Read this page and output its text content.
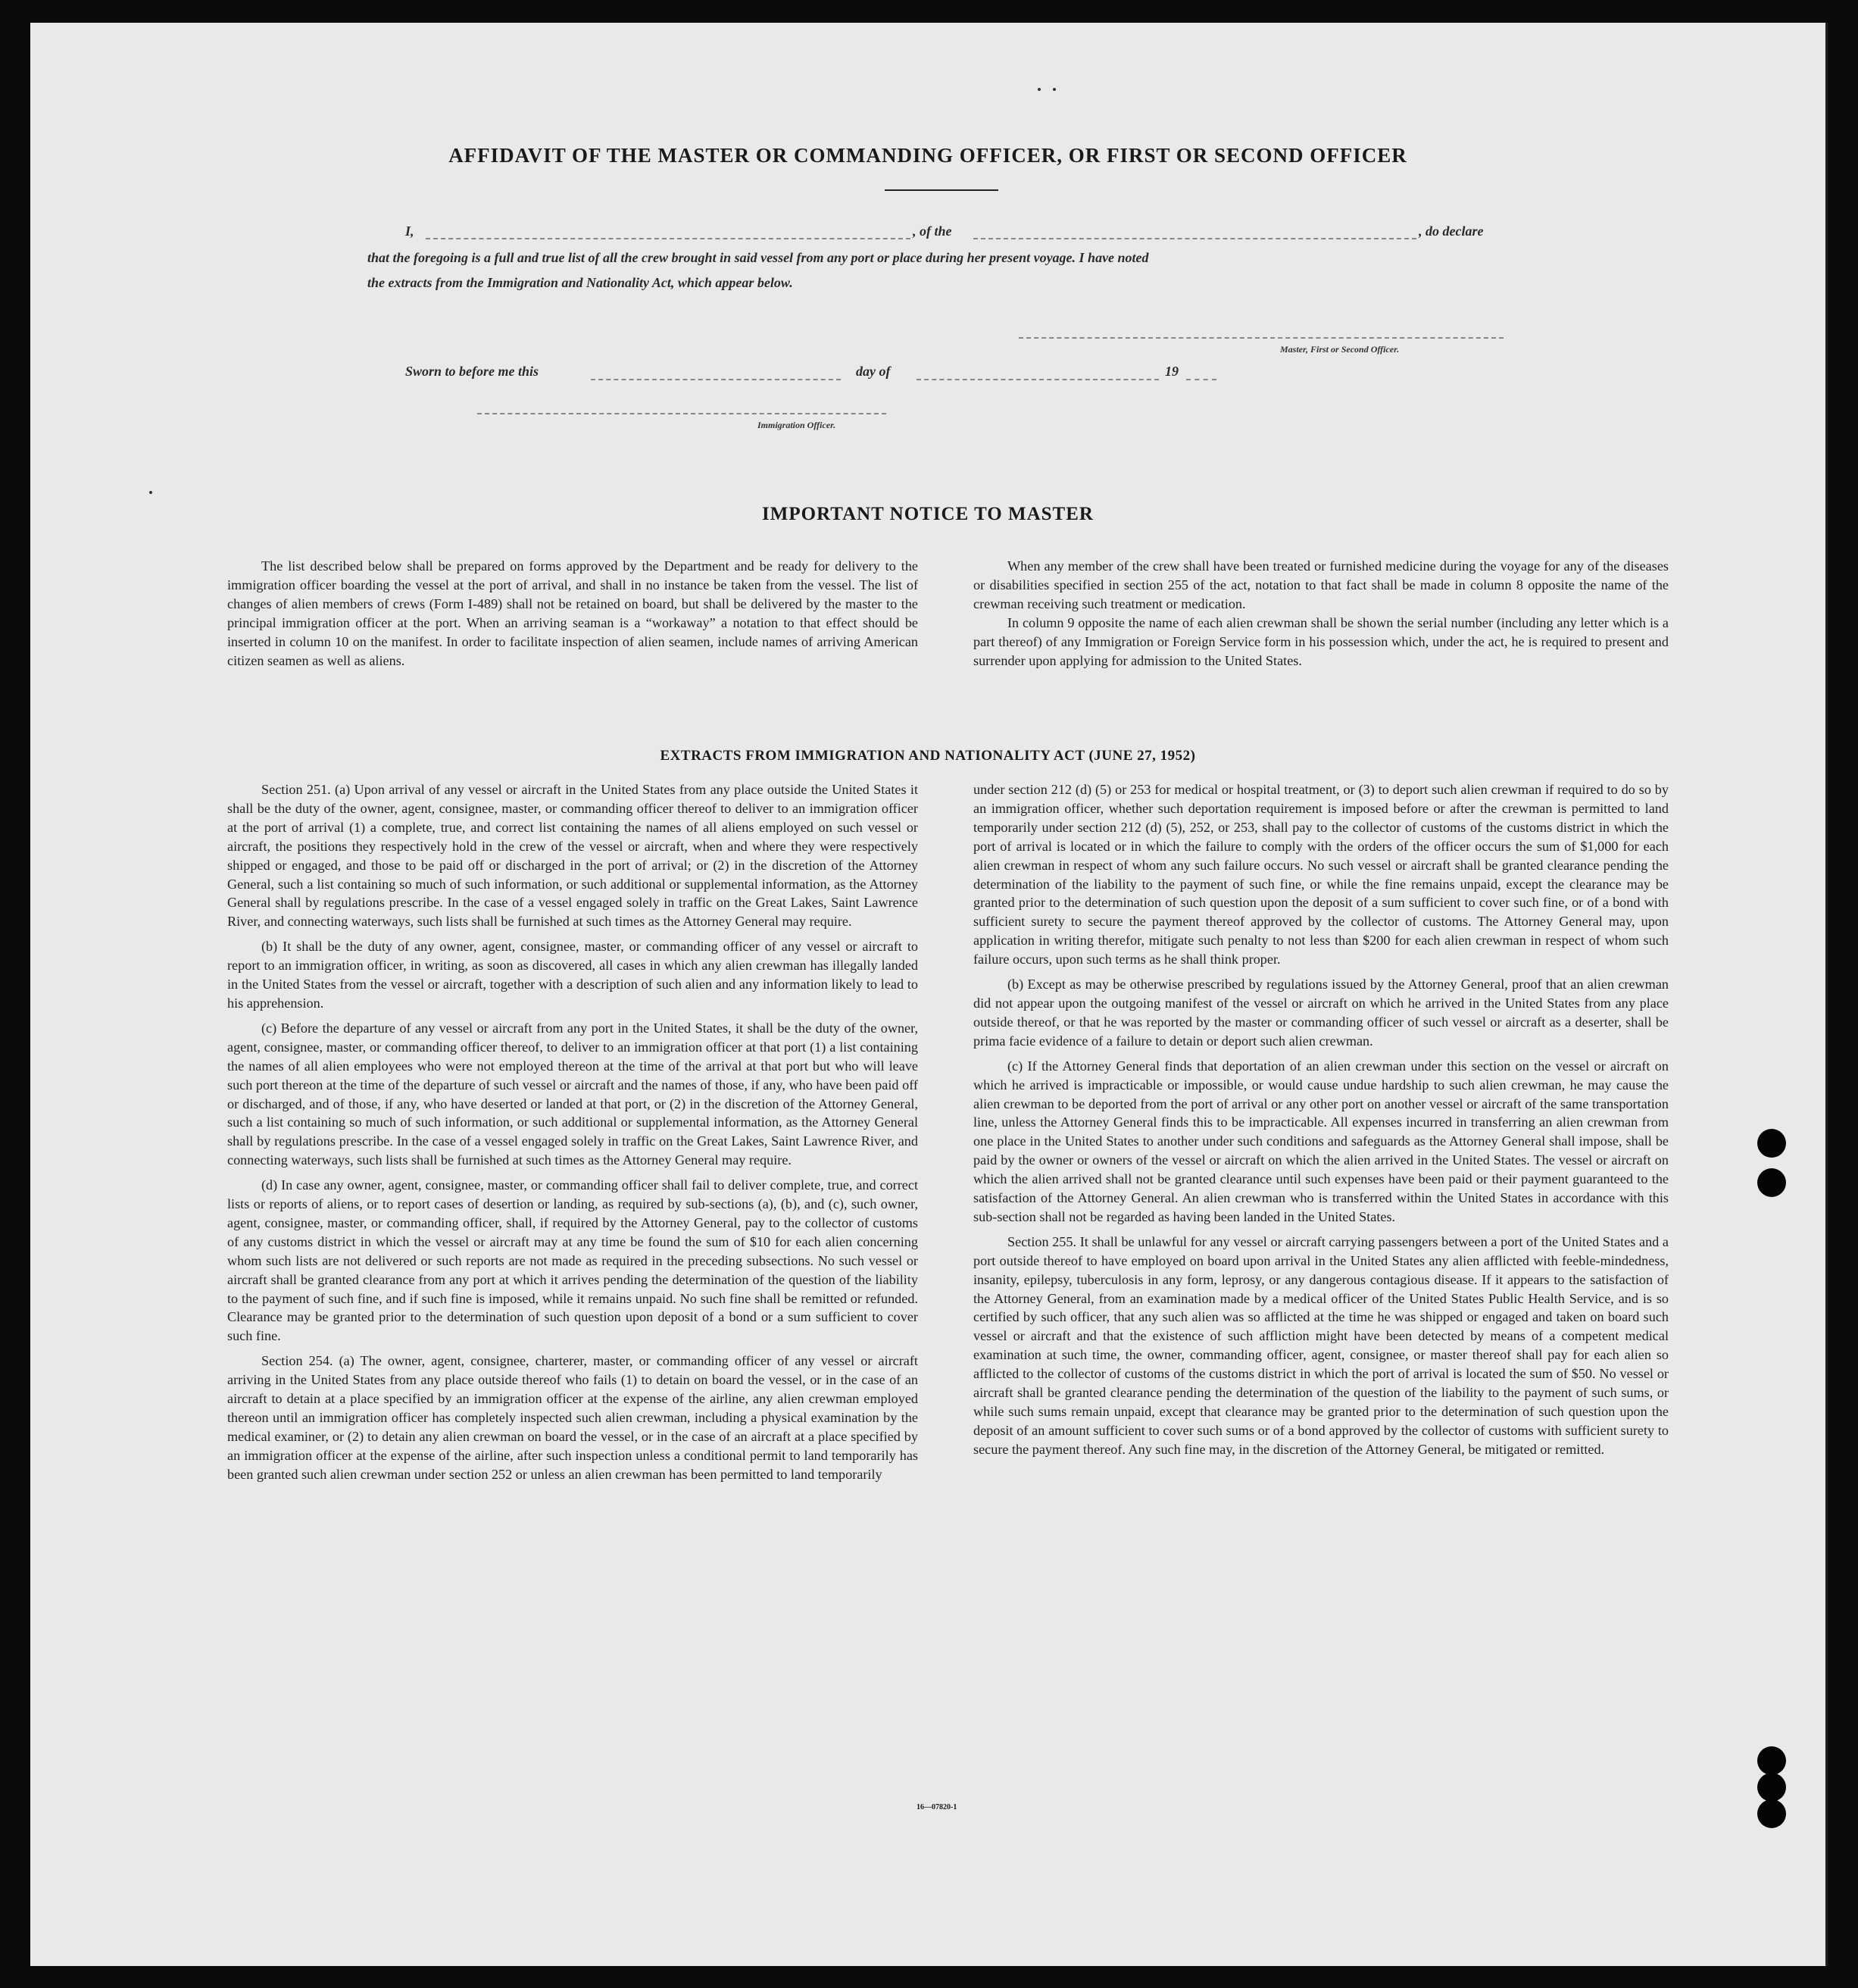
AFFIDAVIT OF THE MASTER OR COMMANDING OFFICER, OR FIRST OR SECOND OFFICER
I,	, of the	, do declare
that the foregoing is a full and true list of all the crew brought in said vessel from any port or place during her present voyage. I have noted
the extracts from the Immigration and Nationality Act, which appear below.
Master, First or Second Officer.
Sworn to before me this	day of	19
Immigration Officer.
IMPORTANT NOTICE TO MASTER

The list described below shall be prepared on forms approved by the Department and be ready for delivery to the immigration officer boarding the vessel at the port of arrival, and shall in no instance be taken from the vessel. The list of changes of alien members of crews (Form I-489) shall not be retained on board, but shall be delivered by the master to the principal immigration officer at the port. When an arriving seaman is a “workaway” a notation to that effect should be inserted in column 10 on the manifest. In order to facilitate inspection of alien seamen, include names of arriving American citizen seamen as well as aliens.

When any member of the crew shall have been treated or furnished medicine during the voyage for any of the diseases or disabilities specified in section 255 of the act, notation to that fact shall be made in column 8 opposite the name of the crewman receiving such treatment or medication.

In column 9 opposite the name of each alien crewman shall be shown the serial number (including any letter which is a part thereof) of any Immigration or Foreign Service form in his possession which, under the act, he is required to present and surrender upon applying for admission to the United States.

EXTRACTS FROM IMMIGRATION AND NATIONALITY ACT (JUNE 27, 1952)

Section 251. (a) Upon arrival of any vessel or aircraft in the United States from any place outside the United States it shall be the duty of the owner, agent, consignee, master, or commanding officer thereof to deliver to an immigration officer at the port of arrival (1) a complete, true, and correct list containing the names of all aliens employed on such vessel or aircraft, the positions they respectively hold in the crew of the vessel or aircraft, when and where they were respectively shipped or engaged, and those to be paid off or discharged in the port of arrival; or (2) in the discretion of the Attorney General, such a list containing so much of such information, or such additional or supplemental information, as the Attorney General shall by regulations prescribe. In the case of a vessel engaged solely in traffic on the Great Lakes, Saint Lawrence River, and connecting waterways, such lists shall be furnished at such times as the Attorney General may require.

(b) It shall be the duty of any owner, agent, consignee, master, or commanding officer of any vessel or aircraft to report to an immigration officer, in writing, as soon as discovered, all cases in which any alien crewman has illegally landed in the United States from the vessel or aircraft, together with a description of such alien and any information likely to lead to his apprehension.

(c) Before the departure of any vessel or aircraft from any port in the United States, it shall be the duty of the owner, agent, consignee, master, or commanding officer thereof, to deliver to an immigration officer at that port (1) a list containing the names of all alien employees who were not employed thereon at the time of the arrival at that port but who will leave such port thereon at the time of the departure of such vessel or aircraft and the names of those, if any, who have been paid off or discharged, and of those, if any, who have deserted or landed at that port, or (2) in the discretion of the Attorney General, such a list containing so much of such information, or such additional or supplemental information, as the Attorney General shall by regulations prescribe. In the case of a vessel engaged solely in traffic on the Great Lakes, Saint Lawrence River, and connecting waterways, such lists shall be furnished at such times as the Attorney General may require.

(d) In case any owner, agent, consignee, master, or commanding officer shall fail to deliver complete, true, and correct lists or reports of aliens, or to report cases of desertion or landing, as required by sub-sections (a), (b), and (c), such owner, agent, consignee, master, or commanding officer, shall, if required by the Attorney General, pay to the collector of customs of any customs district in which the vessel or aircraft may at any time be found the sum of $10 for each alien concerning whom such lists are not delivered or such reports are not made as required in the preceding subsections. No such vessel or aircraft shall be granted clearance from any port at which it arrives pending the determination of the question of the liability to the payment of such fine, and if such fine is imposed, while it remains unpaid. No such fine shall be remitted or refunded. Clearance may be granted prior to the determination of such question upon deposit of a bond or a sum sufficient to cover such fine.

Section 254. (a) The owner, agent, consignee, charterer, master, or commanding officer of any vessel or aircraft arriving in the United States from any place outside thereof who fails (1) to detain on board the vessel, or in the case of an aircraft to detain at a place specified by an immigration officer at the expense of the airline, any alien crewman employed thereon until an immigration officer has completely inspected such alien crewman, including a physical examination by the medical examiner, or (2) to detain any alien crewman on board the vessel, or in the case of an aircraft at a place specified by an immigration officer at the expense of the airline, after such inspection unless a conditional permit to land temporarily has been granted such alien crewman under section 252 or unless an alien crewman has been permitted to land temporarily

under section 212 (d) (5) or 253 for medical or hospital treatment, or (3) to deport such alien crewman if required to do so by an immigration officer, whether such deportation requirement is imposed before or after the crewman is permitted to land temporarily under section 212 (d) (5), 252, or 253, shall pay to the collector of customs of the customs district in which the port of arrival is located or in which the failure to comply with the orders of the officer occurs the sum of $1,000 for each alien crewman in respect of whom any such failure occurs. No such vessel or aircraft shall be granted clearance pending the determination of the liability to the payment of such fine, or while the fine remains unpaid, except the clearance may be granted prior to the determination of such question upon the deposit of a sum sufficient to cover such fine, or of a bond with sufficient surety to secure the payment thereof approved by the collector of customs. The Attorney General may, upon application in writing therefor, mitigate such penalty to not less than $200 for each alien crewman in respect of whom such failure occurs, upon such terms as he shall think proper.

(b) Except as may be otherwise prescribed by regulations issued by the Attorney General, proof that an alien crewman did not appear upon the outgoing manifest of the vessel or aircraft on which he arrived in the United States from any place outside thereof, or that he was reported by the master or commanding officer of such vessel or aircraft as a deserter, shall be prima facie evidence of a failure to detain or deport such alien crewman.

(c) If the Attorney General finds that deportation of an alien crewman under this section on the vessel or aircraft on which he arrived is impracticable or impossible, or would cause undue hardship to such alien crewman, he may cause the alien crewman to be deported from the port of arrival or any other port on another vessel or aircraft of the same transportation line, unless the Attorney General finds this to be impracticable. All expenses incurred in transferring an alien crewman from one place in the United States to another under such conditions and safeguards as the Attorney General shall impose, shall be paid by the owner or owners of the vessel or aircraft on which the alien arrived in the United States. The vessel or aircraft on which the alien arrived shall not be granted clearance until such expenses have been paid or their payment guaranteed to the satisfaction of the Attorney General. An alien crewman who is transferred within the United States in accordance with this sub-section shall not be regarded as having been landed in the United States.

Section 255. It shall be unlawful for any vessel or aircraft carrying passengers between a port of the United States and a port outside thereof to have employed on board upon arrival in the United States any alien afflicted with feeble-mindedness, insanity, epilepsy, tuberculosis in any form, leprosy, or any dangerous contagious disease. If it appears to the satisfaction of the Attorney General, from an examination made by a medical officer of the United States Public Health Service, and is so certified by such officer, that any such alien was so afflicted at the time he was shipped or engaged and taken on board such vessel or aircraft and that the existence of such affliction might have been detected by means of a competent medical examination at such time, the owner, commanding officer, agent, consignee, or master thereof shall pay for each alien so afflicted to the collector of customs of the customs district in which the port of arrival is located the sum of $50. No vessel or aircraft shall be granted clearance pending the determination of the question of the liability to the payment of such sums, or while such sums remain unpaid, except that clearance may be granted prior to the determination of such question upon the deposit of an amount sufficient to cover such sums or of a bond approved by the collector of customs with sufficient surety to secure the payment thereof. Any such fine may, in the discretion of the Attorney General, be mitigated or remitted.

16—07820-1
